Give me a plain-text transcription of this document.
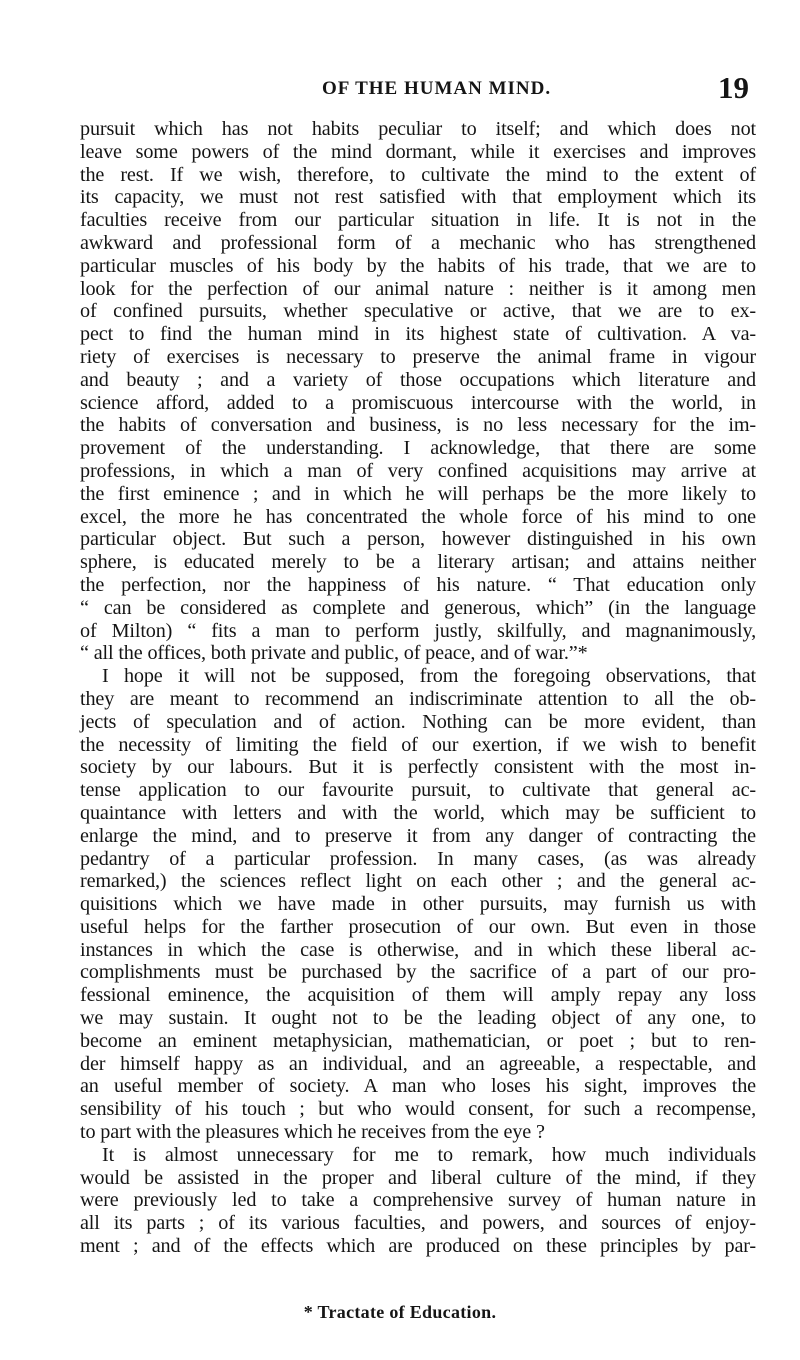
OF THE HUMAN MIND.	19
pursuit which has not habits peculiar to itself; and which does not
leave some powers of the mind dormant, while it exercises and improves
the rest. If we wish, therefore, to cultivate the mind to the extent of
its capacity, we must not rest satisfied with that employment which its
faculties receive from our particular situation in life. It is not in the
awkward and professional form of a mechanic who has strengthened
particular muscles of his body by the habits of his trade, that we are to
look for the perfection of our animal nature : neither is it among men
of confined pursuits, whether speculative or active, that we are to ex-
pect to find the human mind in its highest state of cultivation. A va-
riety of exercises is necessary to preserve the animal frame in vigour
and beauty ; and a variety of those occupations which literature and
science afford, added to a promiscuous intercourse with the world, in
the habits of conversation and business, is no less necessary for the im-
provement of the understanding. I acknowledge, that there are some
professions, in which a man of very confined acquisitions may arrive at
the first eminence ; and in which he will perhaps be the more likely to
excel, the more he has concentrated the whole force of his mind to one
particular object. But such a person, however distinguished in his own
sphere, is educated merely to be a literary artisan; and attains neither
the perfection, nor the happiness of his nature. “ That education only
“ can be considered as complete and generous, which” (in the language
of Milton) “ fits a man to perform justly, skilfully, and magnanimously,
“ all the offices, both private and public, of peace, and of war.”*
I hope it will not be supposed, from the foregoing observations, that
they are meant to recommend an indiscriminate attention to all the ob-
jects of speculation and of action. Nothing can be more evident, than
the necessity of limiting the field of our exertion, if we wish to benefit
society by our labours. But it is perfectly consistent with the most in-
tense application to our favourite pursuit, to cultivate that general ac-
quaintance with letters and with the world, which may be sufficient to
enlarge the mind, and to preserve it from any danger of contracting the
pedantry of a particular profession. In many cases, (as was already
remarked,) the sciences reflect light on each other ; and the general ac-
quisitions which we have made in other pursuits, may furnish us with
useful helps for the farther prosecution of our own. But even in those
instances in which the case is otherwise, and in which these liberal ac-
complishments must be purchased by the sacrifice of a part of our pro-
fessional eminence, the acquisition of them will amply repay any loss
we may sustain. It ought not to be the leading object of any one, to
become an eminent metaphysician, mathematician, or poet ; but to ren-
der himself happy as an individual, and an agreeable, a respectable, and
an useful member of society. A man who loses his sight, improves the
sensibility of his touch ; but who would consent, for such a recompense,
to part with the pleasures which he receives from the eye ?
It is almost unnecessary for me to remark, how much individuals
would be assisted in the proper and liberal culture of the mind, if they
were previously led to take a comprehensive survey of human nature in
all its parts ; of its various faculties, and powers, and sources of enjoy-
ment ; and of the effects which are produced on these principles by par-
* Tractate of Education.
